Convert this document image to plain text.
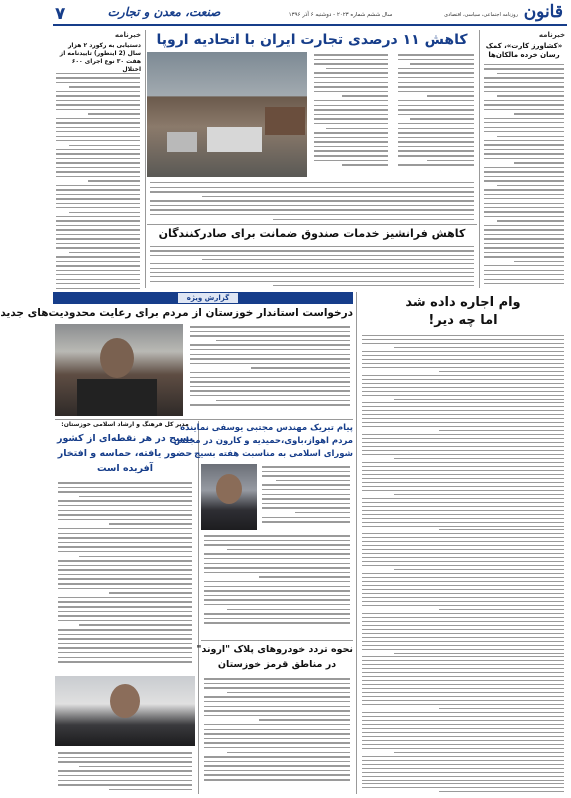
۷	صنعت، معدن و تجارت	سال ششم شماره ۲۰۲۳ - دوشنبه ۶ آذر ۱۳۹۶	روزنامه اجتماعی، سیاسی، اقتصادی قانون
خبرنامه
«کشاورز کارت»، کمک رسان خرده مالکان‌ها
خبرنامه
دستیابی به رکورد ۲ هزار سال (2 اینطور) تاییدنامه از هفت ۳۰ نوع اجرای ۶۰۰ اختلال
کاهش ۱۱ درصدی تجارت ایران با اتحادیه اروپا
کاهش فرانشیز خدمات صندوق ضمانت برای صادرکنندگان
گزارش ویژه
درخواست استاندار خوزستان از مردم برای رعایت محدودیت‌های جدید
مدیر کل فرهنگ و ارشاد اسلامی خوزستان:
بسیج در هر نقطه‌ای از کشور
حضور یافته، حماسه و افتخار
آفریده است
پیام تبریک مهندس مجتبی یوسفی نماینده
مردم اهواز،باوی،حمیدیه و کارون در مجلس
شورای اسلامی به مناسبت هفته بسیج
نحوه تردد خودروهای پلاک "اروند"
در مناطق قرمز خوزستان
وام اجاره داده شد
اما چه دیر!
